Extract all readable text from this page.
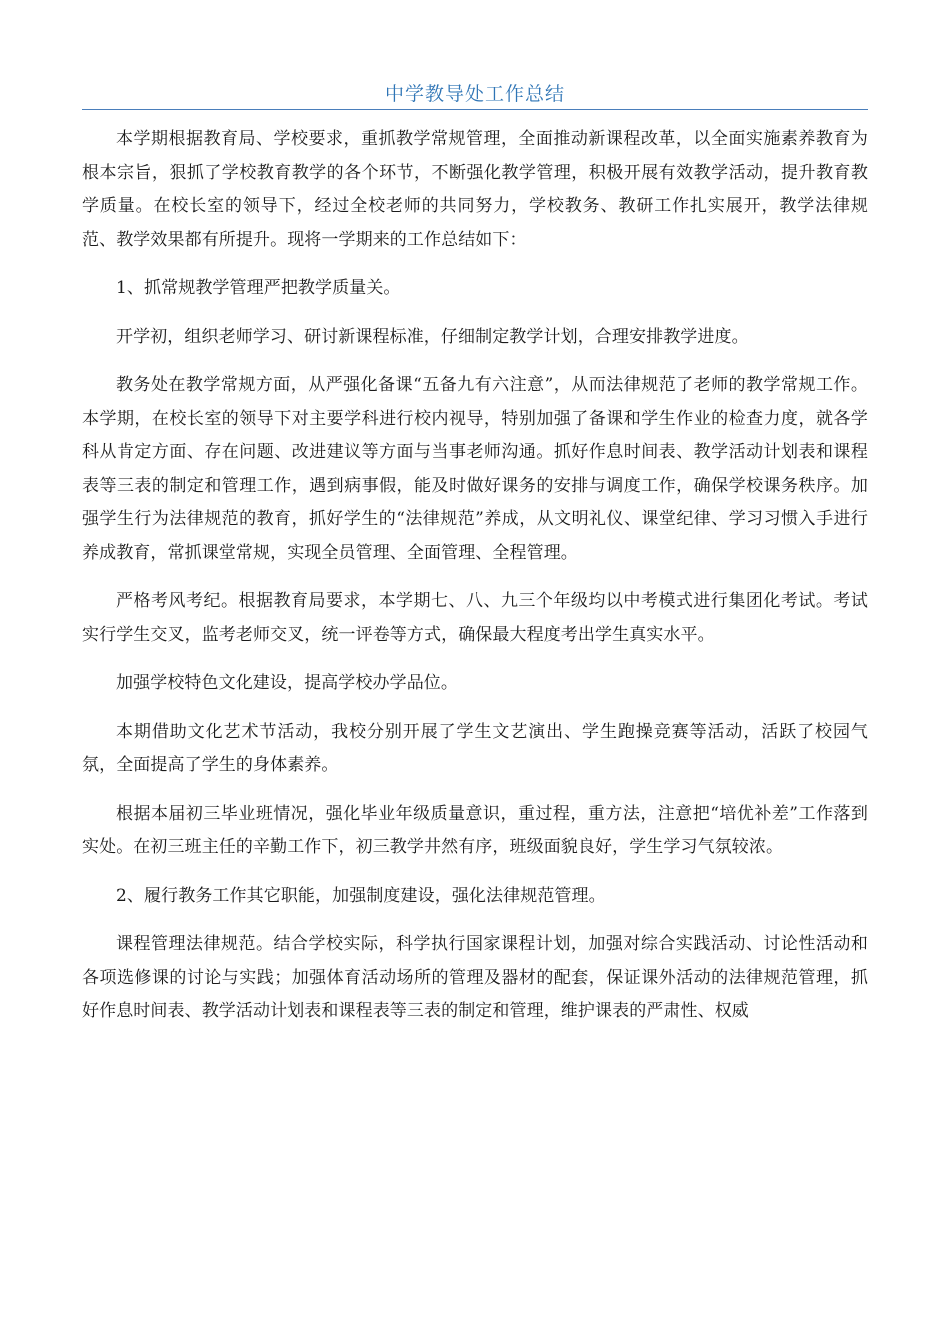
中学教导处工作总结

本学期根据教育局、学校要求，重抓教学常规管理，全面推动新课程改革，以全面实施素养教育为根本宗旨，狠抓了学校教育教学的各个环节，不断强化教学管理，积极开展有效教学活动，提升教育教学质量。在校长室的领导下，经过全校老师的共同努力，学校教务、教研工作扎实展开，教学法律规范、教学效果都有所提升。现将一学期来的工作总结如下：

1、抓常规教学管理严把教学质量关。

开学初，组织老师学习、研讨新课程标准，仔细制定教学计划，合理安排教学进度。

教务处在教学常规方面，从严强化备课“五备九有六注意”，从而法律规范了老师的教学常规工作。本学期，在校长室的领导下对主要学科进行校内视导，特别加强了备课和学生作业的检查力度，就各学科从肯定方面、存在问题、改进建议等方面与当事老师沟通。抓好作息时间表、教学活动计划表和课程表等三表的制定和管理工作，遇到病事假，能及时做好课务的安排与调度工作，确保学校课务秩序。加强学生行为法律规范的教育，抓好学生的“法律规范”养成，从文明礼仪、课堂纪律、学习习惯入手进行养成教育，常抓课堂常规，实现全员管理、全面管理、全程管理。

严格考风考纪。根据教育局要求，本学期七、八、九三个年级均以中考模式进行集团化考试。考试实行学生交叉，监考老师交叉，统一评卷等方式，确保最大程度考出学生真实水平。

加强学校特色文化建设，提高学校办学品位。

本期借助文化艺术节活动，我校分别开展了学生文艺演出、学生跑操竞赛等活动，活跃了校园气氛，全面提高了学生的身体素养。

根据本届初三毕业班情况，强化毕业年级质量意识，重过程，重方法，注意把“培优补差”工作落到实处。在初三班主任的辛勤工作下，初三教学井然有序，班级面貌良好，学生学习气氛较浓。

2、履行教务工作其它职能，加强制度建设，强化法律规范管理。

课程管理法律规范。结合学校实际，科学执行国家课程计划，加强对综合实践活动、讨论性活动和各项选修课的讨论与实践；加强体育活动场所的管理及器材的配套，保证课外活动的法律规范管理，抓好作息时间表、教学活动计划表和课程表等三表的制定和管理，维护课表的严肃性、权威
